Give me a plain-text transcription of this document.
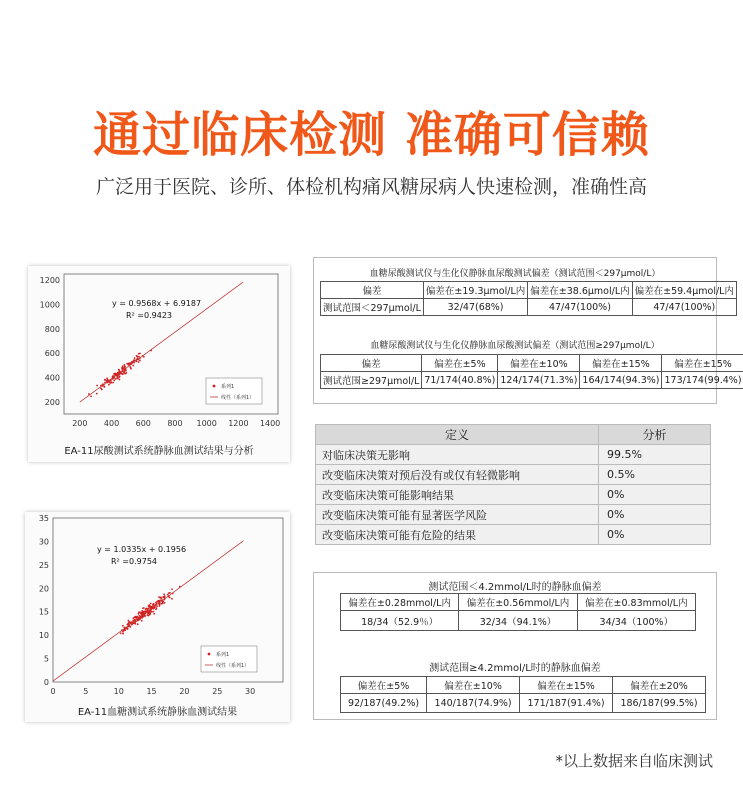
通过临床检测 准确可信赖
广泛用于医院、诊所、体检机构痛风糖尿病人快速检测，准确性高
200 400 600 800 1000 1200 1400
200
400
600
800
1000
1200
y = 0.9568x + 6.9187
R² =0.9423
系列1
线性（系列1）
EA-11尿酸测试系统静脉血测试结果与分析
0	5	10	15	20	25	30
0
5
10
15
20
25
30
35
y = 1.0335x + 0.1956
R² =0.9754
系列1
线性（系列1）
EA-11血糖测试系统静脉血测试结果
血糖尿酸测试仪与生化仪静脉血尿酸测试偏差（测试范围＜297μmol/L）
偏差	偏差在±19.3μmol/L内	偏差在±38.6μmol/L内	偏差在±59.4μmol/L内
测试范围＜297μmol/L	32/47(68%)	47/47(100%)	47/47(100%)
血糖尿酸测试仪与生化仪静脉血尿酸测试偏差（测试范围≥297μmol/L）
偏差	偏差在±5%	偏差在±10%	偏差在±15%	偏差在±15%
测试范围≥297μmol/L	71/174(40.8%)	124/174(71.3%)	164/174(94.3%)	173/174(99.4%)
定义	分析
对临床决策无影响	99.5%
改变临床决策对预后没有或仅有轻微影响	0.5%
改变临床决策可能影响结果	0%
改变临床决策可能有显著医学风险	0%
改变临床决策可能有危险的结果	0%
测试范围＜4.2mmol/L时的静脉血偏差
偏差在±0.28mmol/L内	偏差在±0.56mmol/L内	偏差在±0.83mmol/L内
18/34（52.9％）	32/34（94.1%）	34/34（100%）
测试范围≥4.2mmol/L时的静脉血偏差
偏差在±5%	偏差在±10%	偏差在±15%	偏差在±20%
92/187(49.2%)	140/187(74.9%)	171/187(91.4%)	186/187(99.5%)
*以上数据来自临床测试
